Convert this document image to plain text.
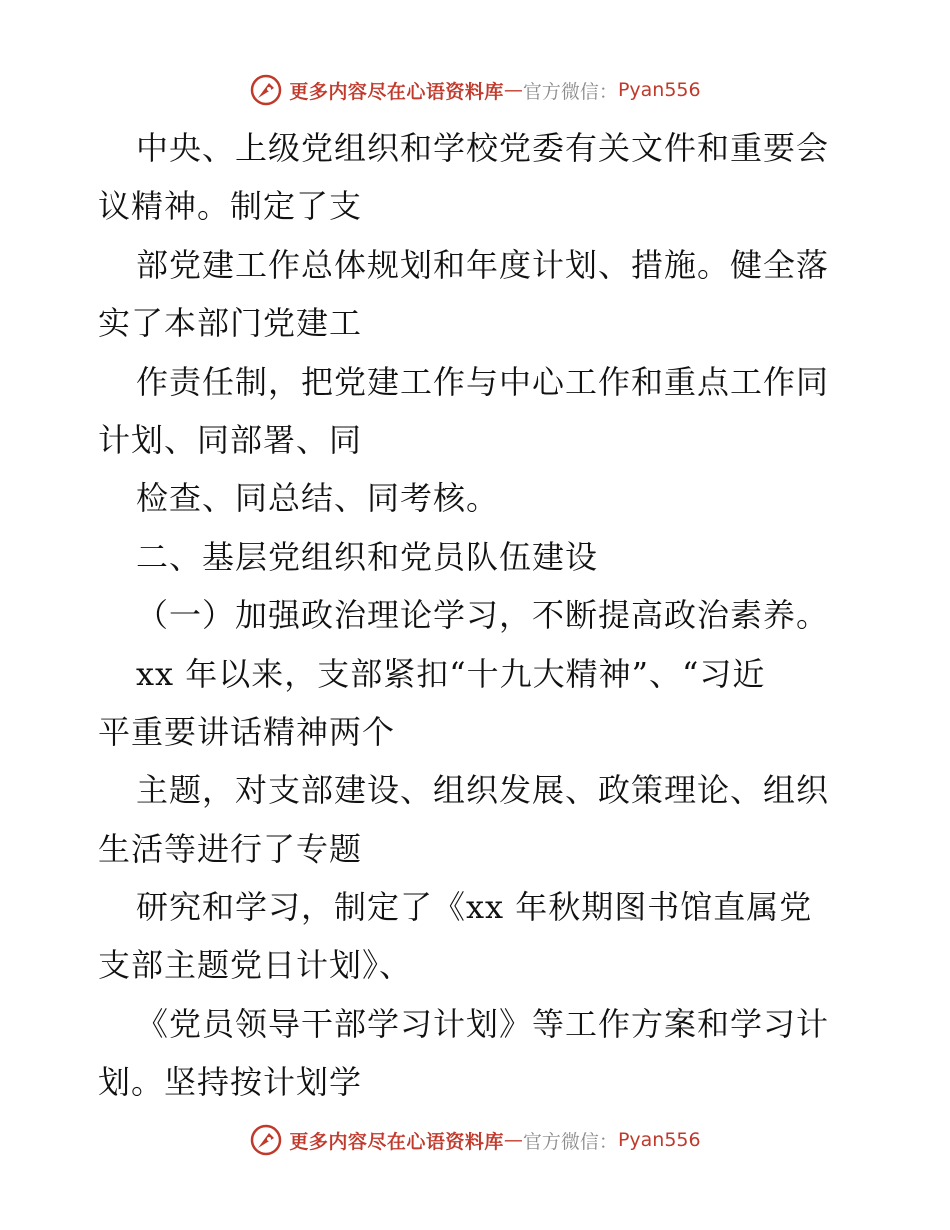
更多内容尽在心语资料库 — 官方微信： Pyan556
中央、上级党组织和学校党委有关文件和重要会
议精神。制定了支
部党建工作总体规划和年度计划、措施。健全落
实了本部门党建工
作责任制，把党建工作与中心工作和重点工作同
计划、同部署、同
检查、同总结、同考核。
二、基层党组织和党员队伍建设
（一）加强政治理论学习，不断提高政治素养。
xx 年以来，支部紧扣“十九大精神”、“习近
平重要讲话精神两个
主题，对支部建设、组织发展、政策理论、组织
生活等进行了专题
研究和学习，制定了《xx 年秋期图书馆直属党
支部主题党日计划》、
《党员领导干部学习计划》等工作方案和学习计
划。坚持按计划学
更多内容尽在心语资料库 — 官方微信： Pyan556
